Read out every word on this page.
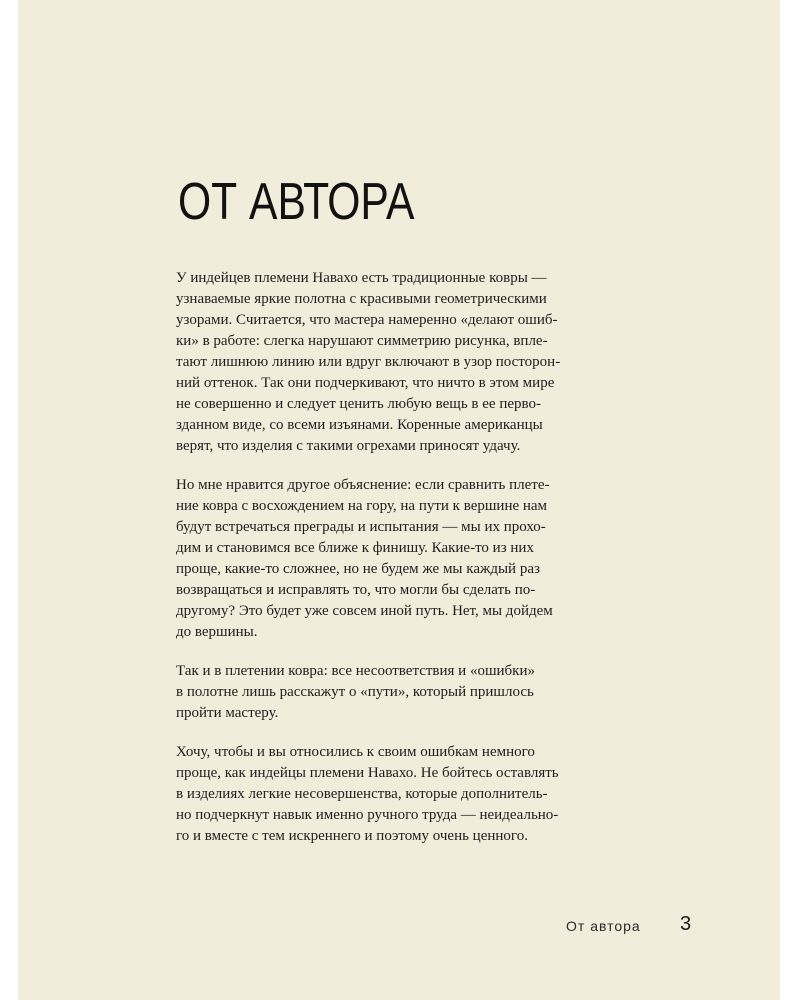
ОТ АВТОРА

У индейцев племени Навахо есть традиционные ковры —
узнаваемые яркие полотна с красивыми геометрическими
узорами. Считается, что мастера намеренно «делают ошиб-
ки» в работе: слегка нарушают симметрию рисунка, впле-
тают лишнюю линию или вдруг включают в узор посторон-
ний оттенок. Так они подчеркивают, что ничто в этом мире
не совершенно и следует ценить любую вещь в ее перво-
зданном виде, со всеми изъянами. Коренные американцы
верят, что изделия с такими огрехами приносят удачу.

Но мне нравится другое объяснение: если сравнить плете-
ние ковра с восхождением на гору, на пути к вершине нам
будут встречаться преграды и испытания — мы их прохо-
дим и становимся все ближе к финишу. Какие-то из них
проще, какие-то сложнее, но не будем же мы каждый раз
возвращаться и исправлять то, что могли бы сделать по-
другому? Это будет уже совсем иной путь. Нет, мы дойдем
до вершины.

Так и в плетении ковра: все несоответствия и «ошибки»
в полотне лишь расскажут о «пути», который пришлось
пройти мастеру.

Хочу, чтобы и вы относились к своим ошибкам немного
проще, как индейцы племени Навахо. Не бойтесь оставлять
в изделиях легкие несовершенства, которые дополнитель-
но подчеркнут навык именно ручного труда — неидеально-
го и вместе с тем искреннего и поэтому очень ценного.

От автора 3
